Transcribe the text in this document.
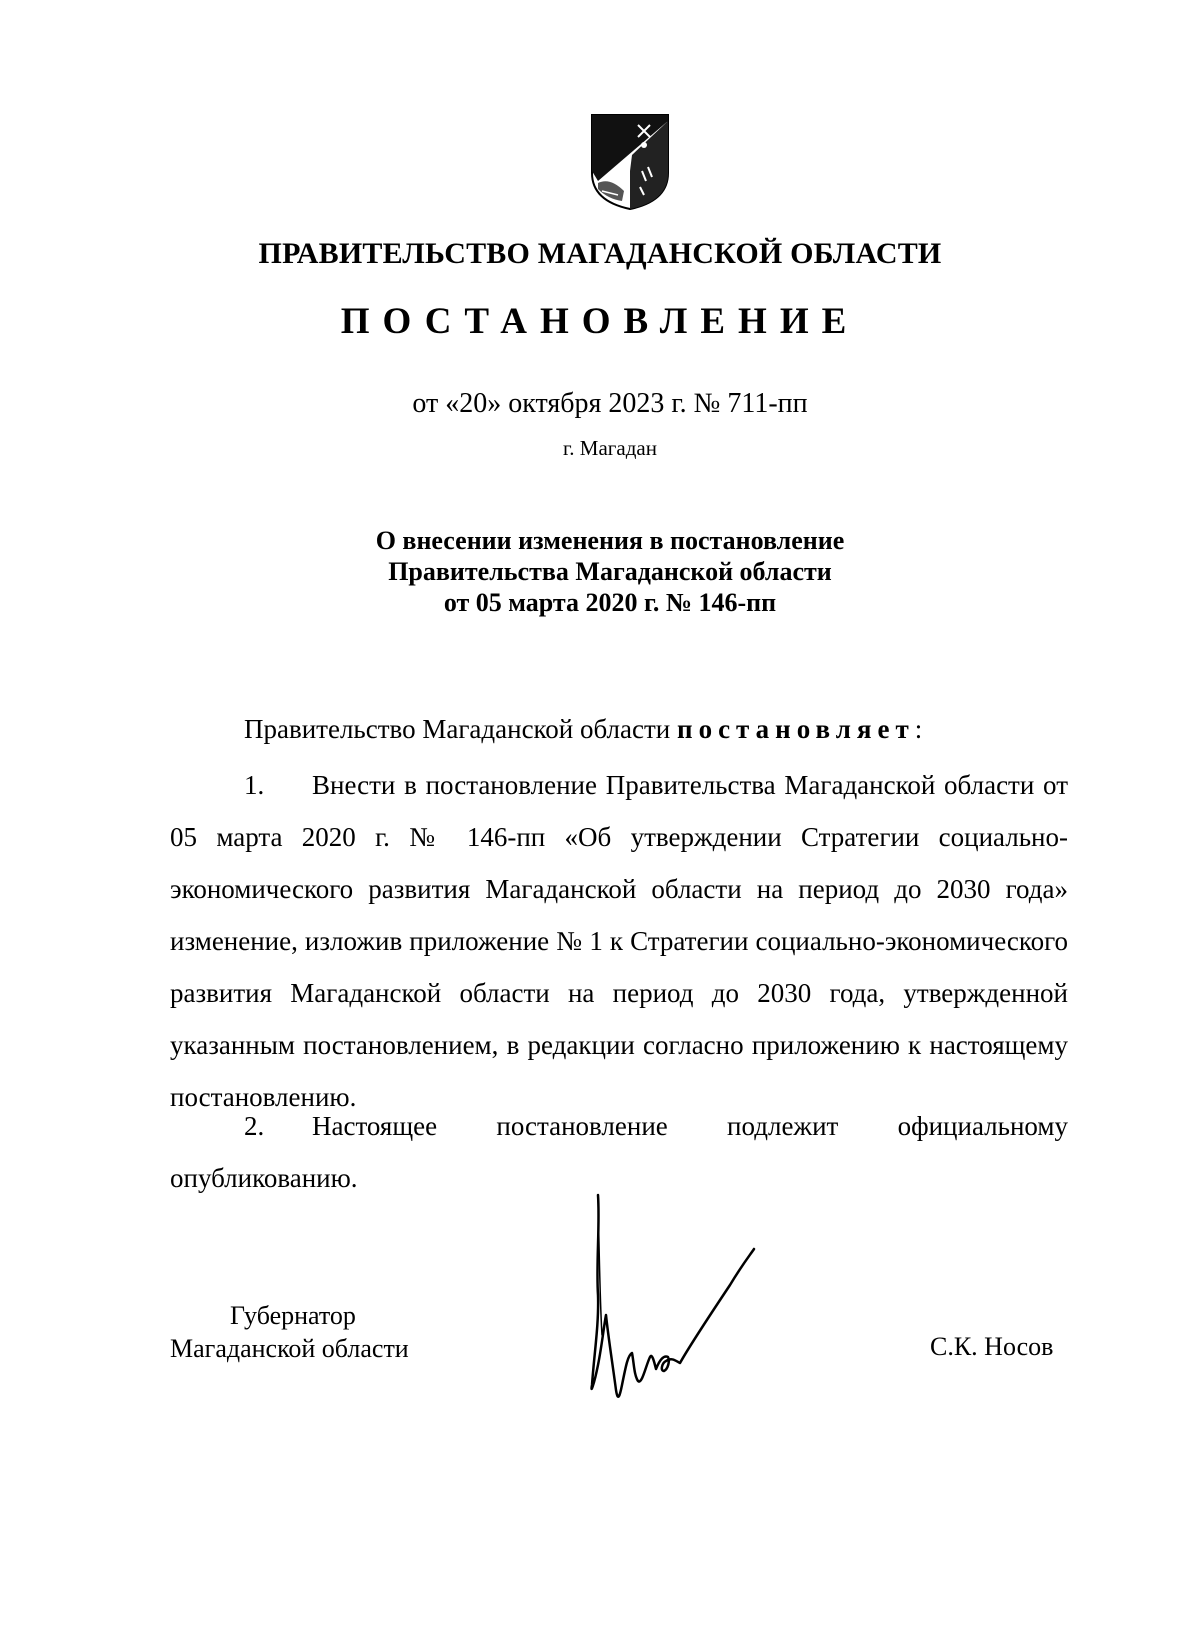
ПРАВИТЕЛЬСТВО МАГАДАНСКОЙ ОБЛАСТИ
ПОСТАНОВЛЕНИЕ
от «20» октября 2023 г. № 711-пп
г. Магадан
О внесении изменения в постановление
Правительства Магаданской области
от 05 марта 2020 г. № 146-пп
Правительство Магаданской области постановляет:
1. Внести в постановление Правительства Магаданской области от 05 марта 2020 г. № 146-пп «Об утверждении Стратегии социально-экономического развития Магаданской области на период до 2030 года» изменение, изложив приложение № 1 к Стратегии социально-экономического развития Магаданской области на период до 2030 года, утвержденной указанным постановлением, в редакции согласно приложению к настоящему постановлению.
2. Настоящее постановление подлежит официальному опубликованию.
Губернатор
Магаданской области	С.К. Носов
